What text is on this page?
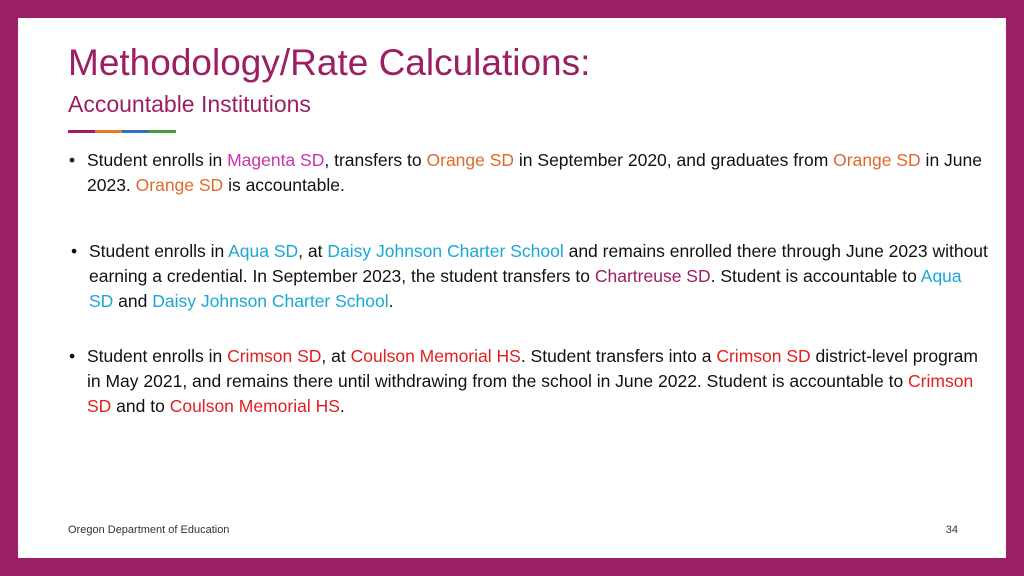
Methodology/Rate Calculations:
Accountable Institutions
• Student enrolls in Magenta SD, transfers to Orange SD in September 2020, and graduates from Orange SD in June 2023. Orange SD is accountable.
• Student enrolls in Aqua SD, at Daisy Johnson Charter School and remains enrolled there through June 2023 without earning a credential. In September 2023, the student transfers to Chartreuse SD. Student is accountable to Aqua SD and Daisy Johnson Charter School.
• Student enrolls in Crimson SD, at Coulson Memorial HS. Student transfers into a Crimson SD district-level program in May 2021, and remains there until withdrawing from the school in June 2022. Student is accountable to Crimson SD and to Coulson Memorial HS.
Oregon Department of Education	34
